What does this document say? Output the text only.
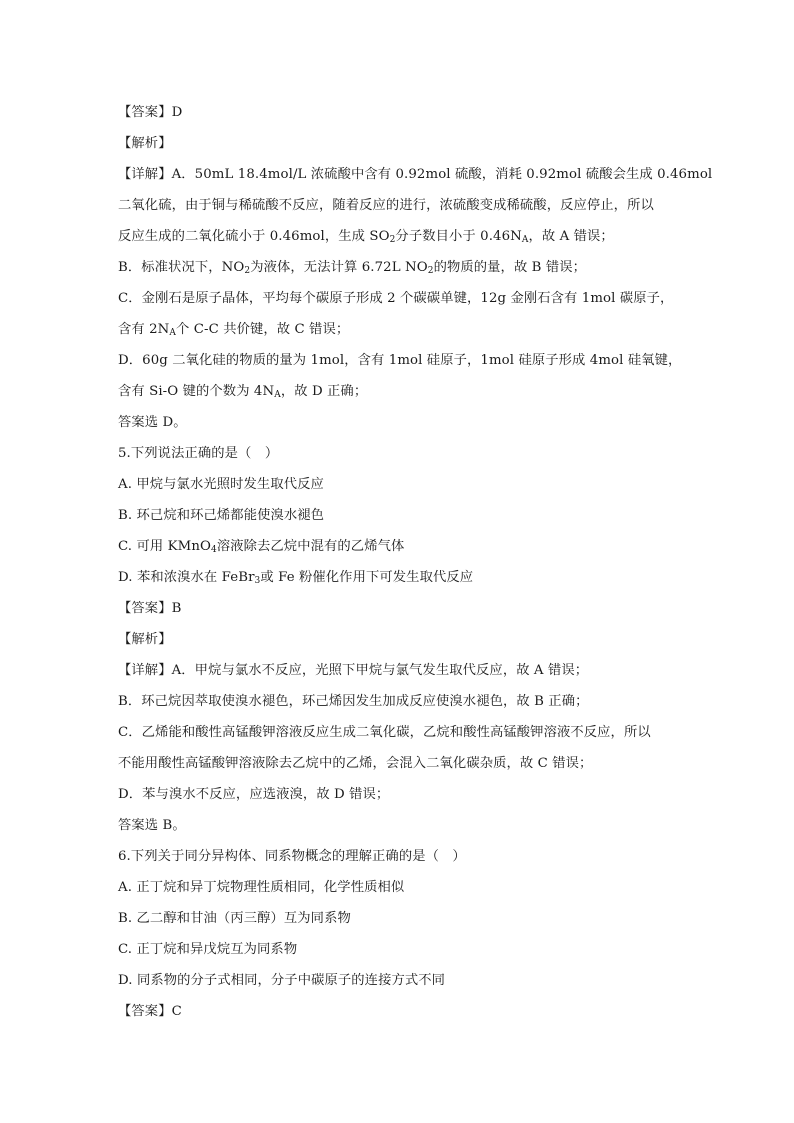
【答案】D
【解析】
【详解】A．50mL 18.4mol/L 浓硫酸中含有 0.92mol 硫酸，消耗 0.92mol 硫酸会生成 0.46mol
二氧化硫，由于铜与稀硫酸不反应，随着反应的进行，浓硫酸变成稀硫酸，反应停止，所以
反应生成的二氧化硫小于 0.46mol，生成 $SO_2$分子数目小于 $0.46N_A$，故 A 错误；
B．标准状况下，$NO_2$为液体，无法计算 6.72L $NO_2$的物质的量，故 B 错误；
C．金刚石是原子晶体，平均每个碳原子形成 2 个碳碳单键，12g 金刚石含有 1mol 碳原子，
含有 $2N_A$个 C-C 共价键，故 C 错误；
D．60g 二氧化硅的物质的量为 1mol，含有 1mol 硅原子，1mol 硅原子形成 4mol 硅氧键，
含有 Si-O 键的个数为 $4N_A$，故 D 正确；
答案选 D。
5.下列说法正确的是（　）
A. 甲烷与氯水光照时发生取代反应
B. 环己烷和环己烯都能使溴水褪色
C. 可用 KMnO$_4$溶液除去乙烷中混有的乙烯气体
D. 苯和浓溴水在 FeBr$_3$或 Fe 粉催化作用下可发生取代反应
【答案】B
【解析】
【详解】A．甲烷与氯水不反应，光照下甲烷与氯气发生取代反应，故 A 错误；
B．环己烷因萃取使溴水褪色，环己烯因发生加成反应使溴水褪色，故 B 正确；
C．乙烯能和酸性高锰酸钾溶液反应生成二氧化碳，乙烷和酸性高锰酸钾溶液不反应，所以
不能用酸性高锰酸钾溶液除去乙烷中的乙烯，会混入二氧化碳杂质，故 C 错误；
D．苯与溴水不反应，应选液溴，故 D 错误；
答案选 B。
6.下列关于同分异构体、同系物概念的理解正确的是（　）
A. 正丁烷和异丁烷物理性质相同，化学性质相似
B. 乙二醇和甘油（丙三醇）互为同系物
C. 正丁烷和异戊烷互为同系物
D. 同系物的分子式相同，分子中碳原子的连接方式不同
【答案】C
